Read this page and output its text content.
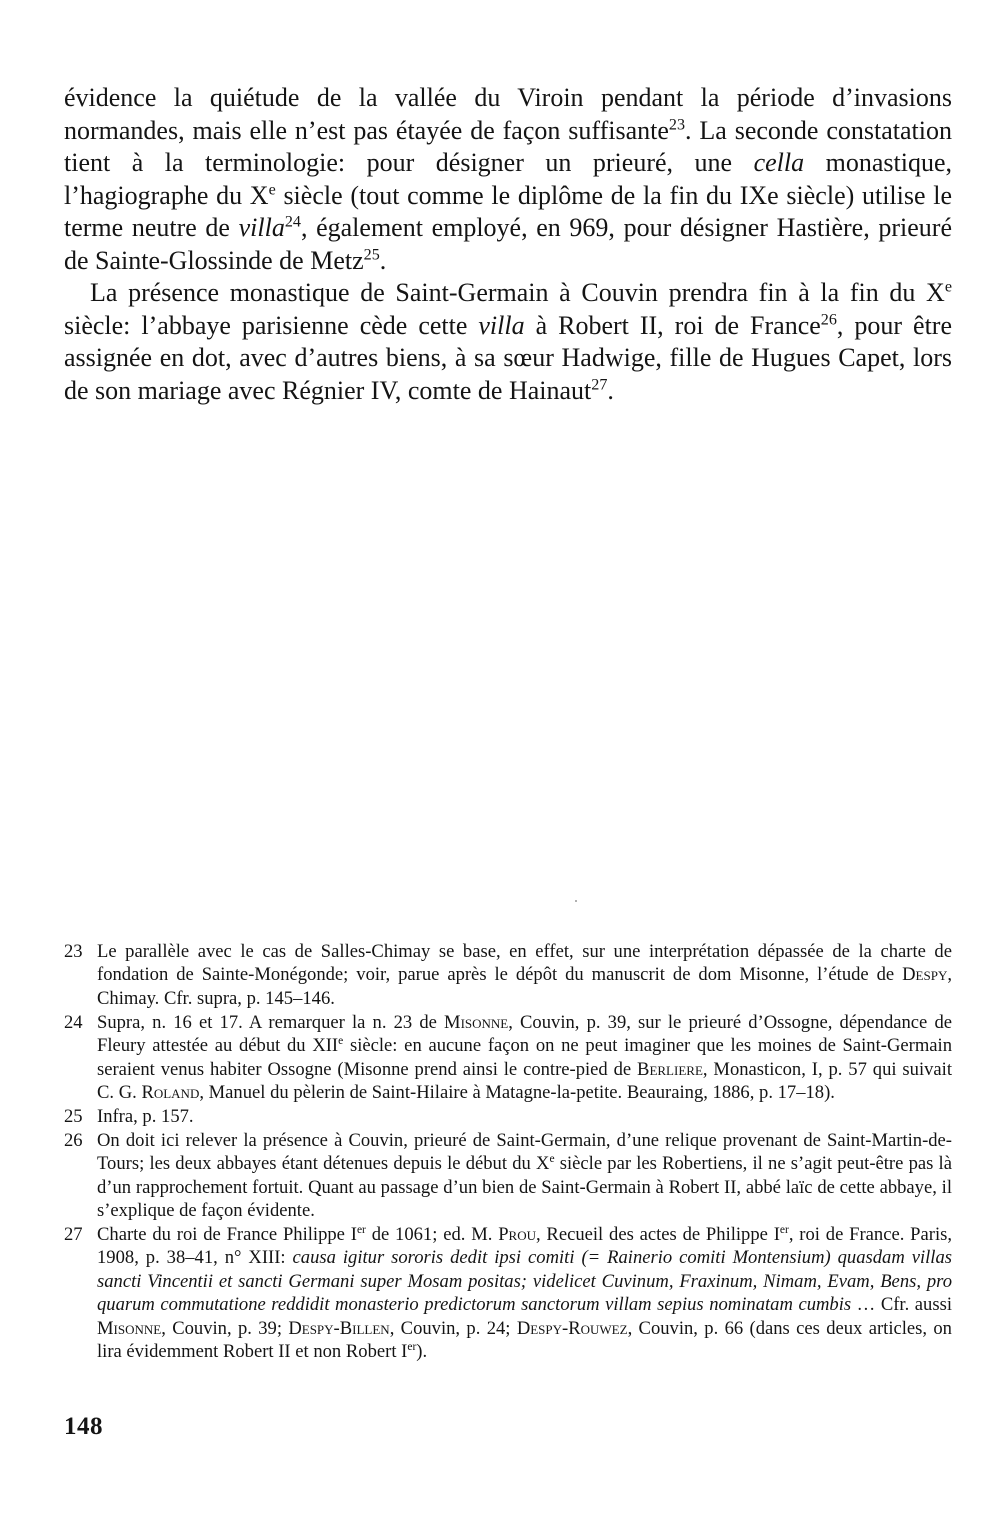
évidence la quiétude de la vallée du Viroin pendant la période d’invasions normandes, mais elle n’est pas étayée de façon suffisante$^{23}$. La seconde constatation tient à la terminologie: pour désigner un prieuré, une cella monastique, l’hagiographe du Xe siècle (tout comme le diplôme de la fin du IXe siècle) utilise le terme neutre de villa$^{24}$, également employé, en 969, pour désigner Hastière, prieuré de Sainte-Glossinde de Metz$^{25}$.

La présence monastique de Saint-Germain à Couvin prendra fin à la fin du Xe siècle: l’abbaye parisienne cède cette villa à Robert II, roi de France$^{26}$, pour être assignée en dot, avec d’autres biens, à sa sœur Hadwige, fille de Hugues Capet, lors de son mariage avec Régnier IV, comte de Hainaut$^{27}$.

23 Le parallèle avec le cas de Salles-Chimay se base, en effet, sur une interprétation dépassée de la charte de fondation de Sainte-Monégonde; voir, parue après le dépôt du manuscrit de dom Misonne, l’étude de Despy, Chimay. Cfr. supra, p. 145–146.
24 Supra, n. 16 et 17. A remarquer la n. 23 de Misonne, Couvin, p. 39, sur le prieuré d’Ossogne, dépendance de Fleury attestée au début du XIIe siècle: en aucune façon on ne peut imaginer que les moines de Saint-Germain seraient venus habiter Ossogne (Misonne prend ainsi le contre-pied de Berliere, Monasticon, I, p. 57 qui suivait C. G. Roland, Manuel du pèlerin de Saint-Hilaire à Matagne-la-petite. Beauraing, 1886, p. 17–18).
25 Infra, p. 157.
26 On doit ici relever la présence à Couvin, prieuré de Saint-Germain, d’une relique provenant de Saint-Martin-de-Tours; les deux abbayes étant détenues depuis le début du Xe siècle par les Robertiens, il ne s’agit peut-être pas là d’un rapprochement fortuit. Quant au passage d’un bien de Saint-Germain à Robert II, abbé laïc de cette abbaye, il s’explique de façon évidente.
27 Charte du roi de France Philippe Ier de 1061; ed. M. Prou, Recueil des actes de Philippe Ier, roi de France. Paris, 1908, p. 38–41, n° XIII: causa igitur sororis dedit ipsi comiti (= Rainerio comiti Montensium) quasdam villas sancti Vincentii et sancti Germani super Mosam positas; videlicet Cuvinum, Fraxinum, Nimam, Evam, Bens, pro quarum commutatione reddidit monasterio predictorum sanctorum villam sepius nominatam cumbis … Cfr. aussi Misonne, Couvin, p. 39; Despy-Billen, Couvin, p. 24; Despy-Rouwez, Couvin, p. 66 (dans ces deux articles, on lira évidemment Robert II et non Robert Ier).
148
